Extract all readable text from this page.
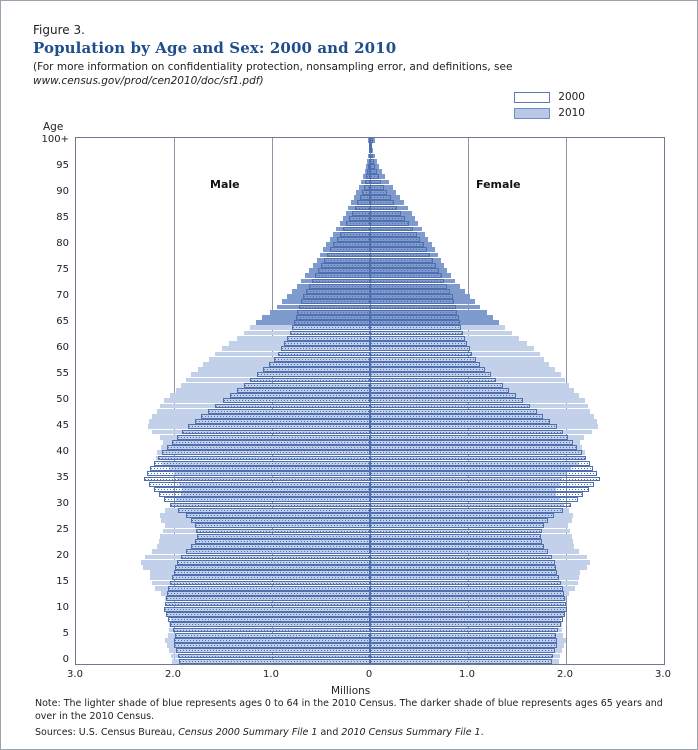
Figure 3.
Population by Age and Sex: 2000 and 2010
(For more information on confidentiality protection, nonsampling error, and definitions, see
www.census.gov/prod/cen2010/doc/sf1.pdf)
2000
2010
Age
Millions
0
5
10
15
20
25
30
35
40
45
50
55
60
65
70
75
80
85
90
95
100+
3.0	2.0	1.0	0	1.0	2.0	3.0
Male	Female
Note: The lighter shade of blue represents ages 0 to 64 in the 2010 Census. The darker shade of blue represents ages 65 years and over in the 2010 Census.
Sources: U.S. Census Bureau, Census 2000 Summary File 1 and 2010 Census Summary File 1.
